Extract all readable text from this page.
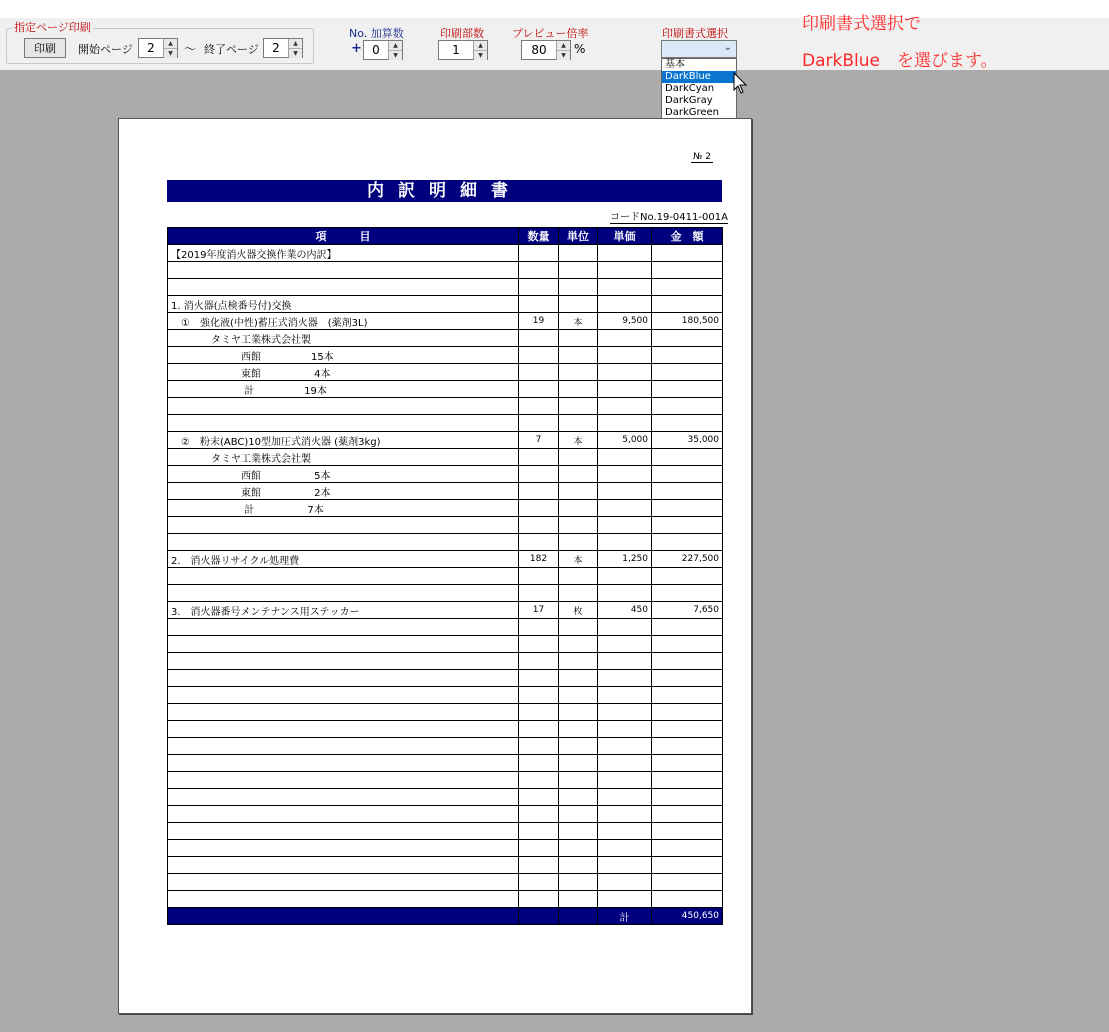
指定ページ印刷
印刷	開始ページ	2	▲
▼ ～ 終了ページ	2	▲
▼
No. 加算数
+ 0	▲
▼
印刷部数
1	▲
▼
プレビュー倍率
80	▲
▼ %
印刷書式選択
⌄
基本
DarkBlue
DarkCyan
DarkGray
DarkGreen
印刷書式選択で
DarkBlue　を選びます。
№ 2
内訳明細書
コードNo.19-0411-001A
項　　　目	数量	単位	単価	金　額
【2019年度消火器交換作業の内訳】				

1. 消火器(点検番号付)交換				
　①　強化液(中性)蓄圧式消火器　(薬剤3L)	19	本	9,500	180,500
　　　　タミヤ工業株式会社製				
　　　　　　　西館　　　　　15本				
　　　　　　　東館　　　　　 4本				
　　　　　　　 計　　　　　19本				

　②　粉末(ABC)10型加圧式消火器 (薬剤3kg)	7	本	5,000	35,000
　　　　タミヤ工業株式会社製				
　　　　　　　西館　　　　　 5本				
　　　　　　　東館　　　　　 2本				
　　　　　　　 計　　　　　 7本				

2.　消火器リサイクル処理費	182	本	1,250	227,500

3.　消火器番号メンテナンス用ステッカー	17	枚	450	7,650

			計	450,650
